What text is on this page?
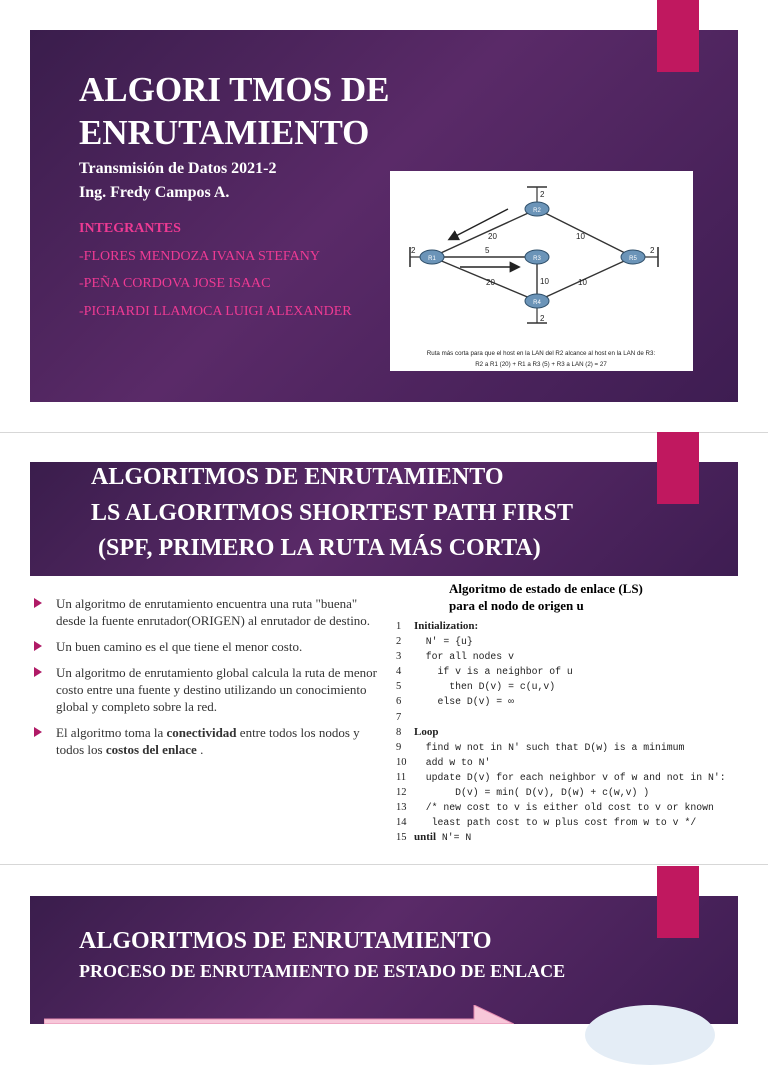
ALGORI TMOS DE
ENRUTAMIENTO
Transmisión de Datos 2021-2
Ing. Fredy Campos A.
INTEGRANTES
-FLORES MENDOZA IVANA STEFANY
-PEÑA CORDOVA JOSE ISAAC
-PICHARDI LLAMOCA LUIGI ALEXANDER
R2
R1	R3	R5
R4
20
5
10
20	10	10
2
2	2
2
Ruta más corta para que el host en la LAN del R2 alcance al host en la LAN de R3:
R2 a R1 (20) + R1 a R3 (5) + R3 a LAN (2) = 27
ALGORITMOS DE ENRUTAMIENTO
LS ALGORITMOS SHORTEST PATH FIRST
(SPF, PRIMERO LA RUTA MÁS CORTA)
Un algoritmo de enrutamiento encuentra una ruta "buena" desde la fuente enrutador(ORIGEN) al enrutador de destino.
Un buen camino es el que tiene el menor costo.
Un algoritmo de enrutamiento global calcula la ruta de menor costo entre una fuente y destino utilizando un conocimiento global y completo sobre la red.
El algoritmo toma la conectividad entre todos los nodos y todos los costos del enlace .
Algoritmo de estado de enlace (LS)
para el nodo de origen u
1	Initialization:
2	N' = {u}
3	for all nodes v
4	if v is a neighbor of u
5	then D(v) = c(u,v)
6	else D(v) = ∞
7
8	Loop
9	find w not in N' such that D(w) is a minimum
10 add w to N'
11 update D(v) for each neighbor v of w and not in N':
12 D(v) = min( D(v), D(w) + c(w,v) )
13 /* new cost to v is either old cost to v or known
14 least path cost to w plus cost from w to v */
15 until N'= N
ALGORITMOS DE ENRUTAMIENTO
PROCESO DE ENRUTAMIENTO DE ESTADO DE ENLACE
